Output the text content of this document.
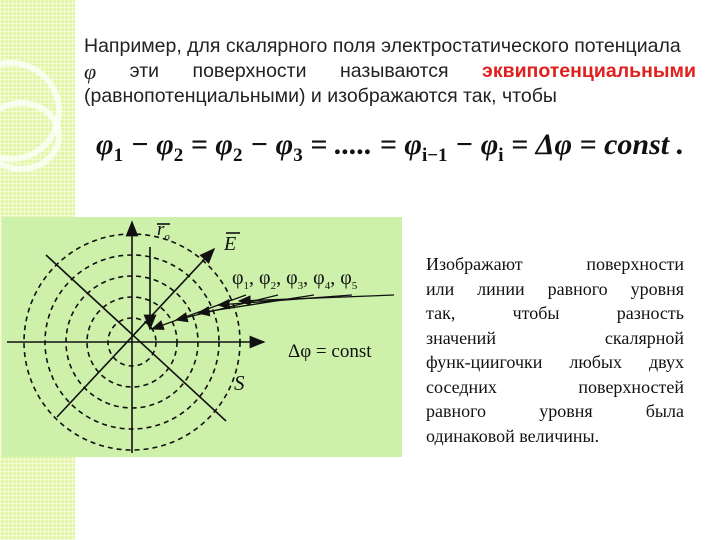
Например, для скалярного поля электростатического потенциала
φ эти поверхности называются эквипотенциальными
(равнопотенциальными) и изображаются так, чтобы
$\varphi_1 - \varphi_2 = \varphi_2 - \varphi_3$ = ..... = $\varphi_{i-1} - \varphi_i = \Delta\varphi$ = const .
$r_o$	E
$\varphi_1$, $\varphi_2$, $\varphi_3$, $\varphi_4$, $\varphi_5$
Δφ = const
S
Изображают поверхности
или линии равного уровня
так, чтобы разность
значений скалярной
функ-циигочки любых двух
соседних поверхностей
равного уровня была
одинаковой величины.
